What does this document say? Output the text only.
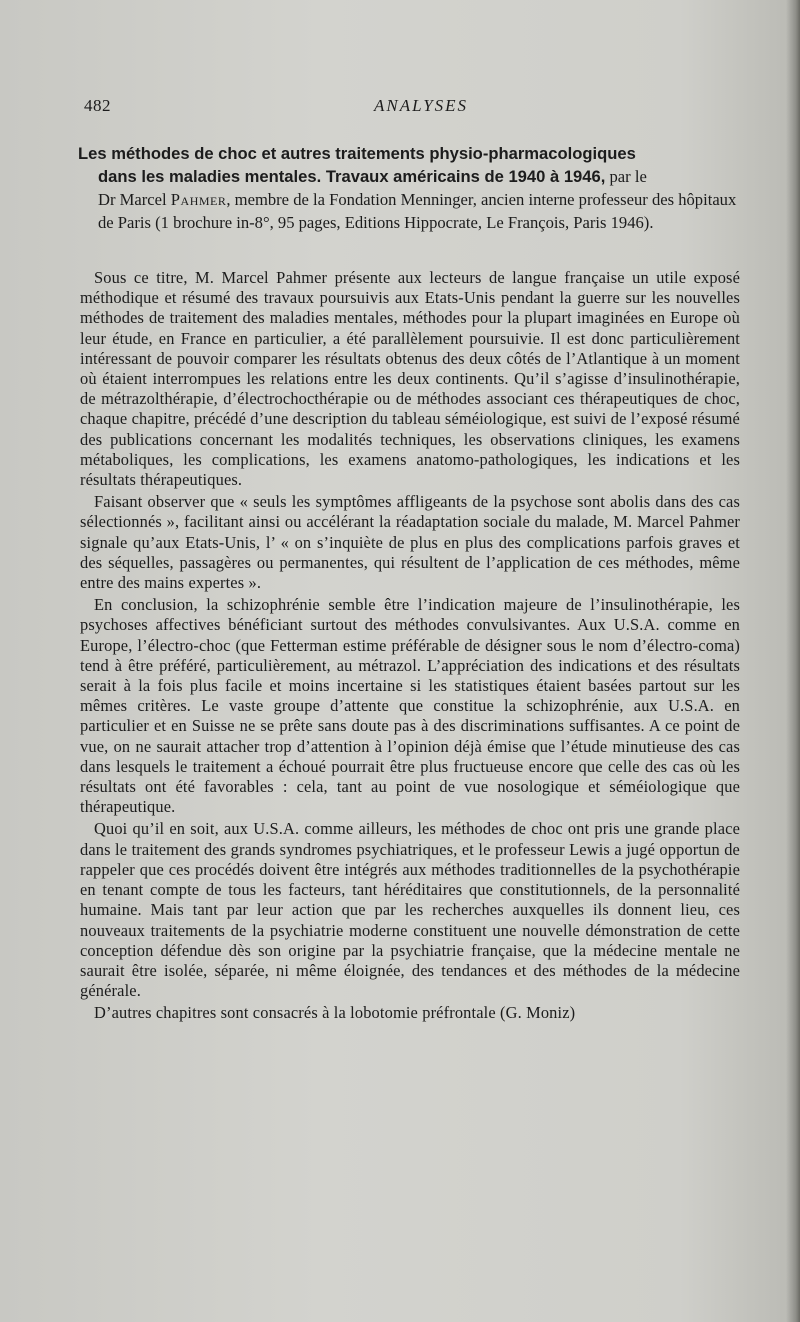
482	ANALYSES

Les méthodes de choc et autres traitements physio-pharmacologiques
dans les maladies mentales. Travaux américains de 1940 à 1946, par le

Dr Marcel Pahmer, membre de la Fondation Menninger, ancien interne professeur des hôpitaux de Paris (1 brochure in-8°, 95 pages, Editions Hippocrate, Le François, Paris 1946).

Sous ce titre, M. Marcel Pahmer présente aux lecteurs de langue française un utile exposé méthodique et résumé des travaux poursuivis aux Etats-Unis pendant la guerre sur les nouvelles méthodes de traitement des maladies mentales, méthodes pour la plupart imaginées en Europe où leur étude, en France en particulier, a été parallèlement poursuivie. Il est donc particulièrement intéressant de pouvoir comparer les résultats obtenus des deux côtés de l’Atlantique à un moment où étaient interrompues les relations entre les deux continents. Qu’il s’agisse d’insulinothérapie, de métrazolthérapie, d’électrochocthérapie ou de méthodes associant ces thérapeutiques de choc, chaque chapitre, précédé d’une description du tableau séméiologique, est suivi de l’exposé résumé des publications concernant les modalités techniques, les observations cliniques, les examens métaboliques, les complications, les examens anatomo-pathologiques, les indications et les résultats thérapeutiques.

Faisant observer que « seuls les symptômes affligeants de la psychose sont abolis dans des cas sélectionnés », facilitant ainsi ou accélérant la réadaptation sociale du malade, M. Marcel Pahmer signale qu’aux Etats-Unis, l’ « on s’inquiète de plus en plus des complications parfois graves et des séquelles, passagères ou permanentes, qui résultent de l’application de ces méthodes, même entre des mains expertes ».

En conclusion, la schizophrénie semble être l’indication majeure de l’insulinothérapie, les psychoses affectives bénéficiant surtout des méthodes convulsivantes. Aux U.S.A. comme en Europe, l’électro-choc (que Fetterman estime préférable de désigner sous le nom d’électro-coma) tend à être préféré, particulièrement, au métrazol. L’appréciation des indications et des résultats serait à la fois plus facile et moins incertaine si les statistiques étaient basées partout sur les mêmes critères. Le vaste groupe d’attente que constitue la schizophrénie, aux U.S.A. en particulier et en Suisse ne se prête sans doute pas à des discriminations suffisantes. A ce point de vue, on ne saurait attacher trop d’attention à l’opinion déjà émise que l’étude minutieuse des cas dans lesquels le traitement a échoué pourrait être plus fructueuse encore que celle des cas où les résultats ont été favorables : cela, tant au point de vue nosologique et séméiologique que thérapeutique.

Quoi qu’il en soit, aux U.S.A. comme ailleurs, les méthodes de choc ont pris une grande place dans le traitement des grands syndromes psychiatriques, et le professeur Lewis a jugé opportun de rappeler que ces procédés doivent être intégrés aux méthodes traditionnelles de la psychothérapie en tenant compte de tous les facteurs, tant héréditaires que constitutionnels, de la personnalité humaine. Mais tant par leur action que par les recherches auxquelles ils donnent lieu, ces nouveaux traitements de la psychiatrie moderne constituent une nouvelle démonstration de cette conception défendue dès son origine par la psychiatrie française, que la médecine mentale ne saurait être isolée, séparée, ni même éloignée, des tendances et des méthodes de la médecine générale.

D’autres chapitres sont consacrés à la lobotomie préfrontale (G. Moniz)
